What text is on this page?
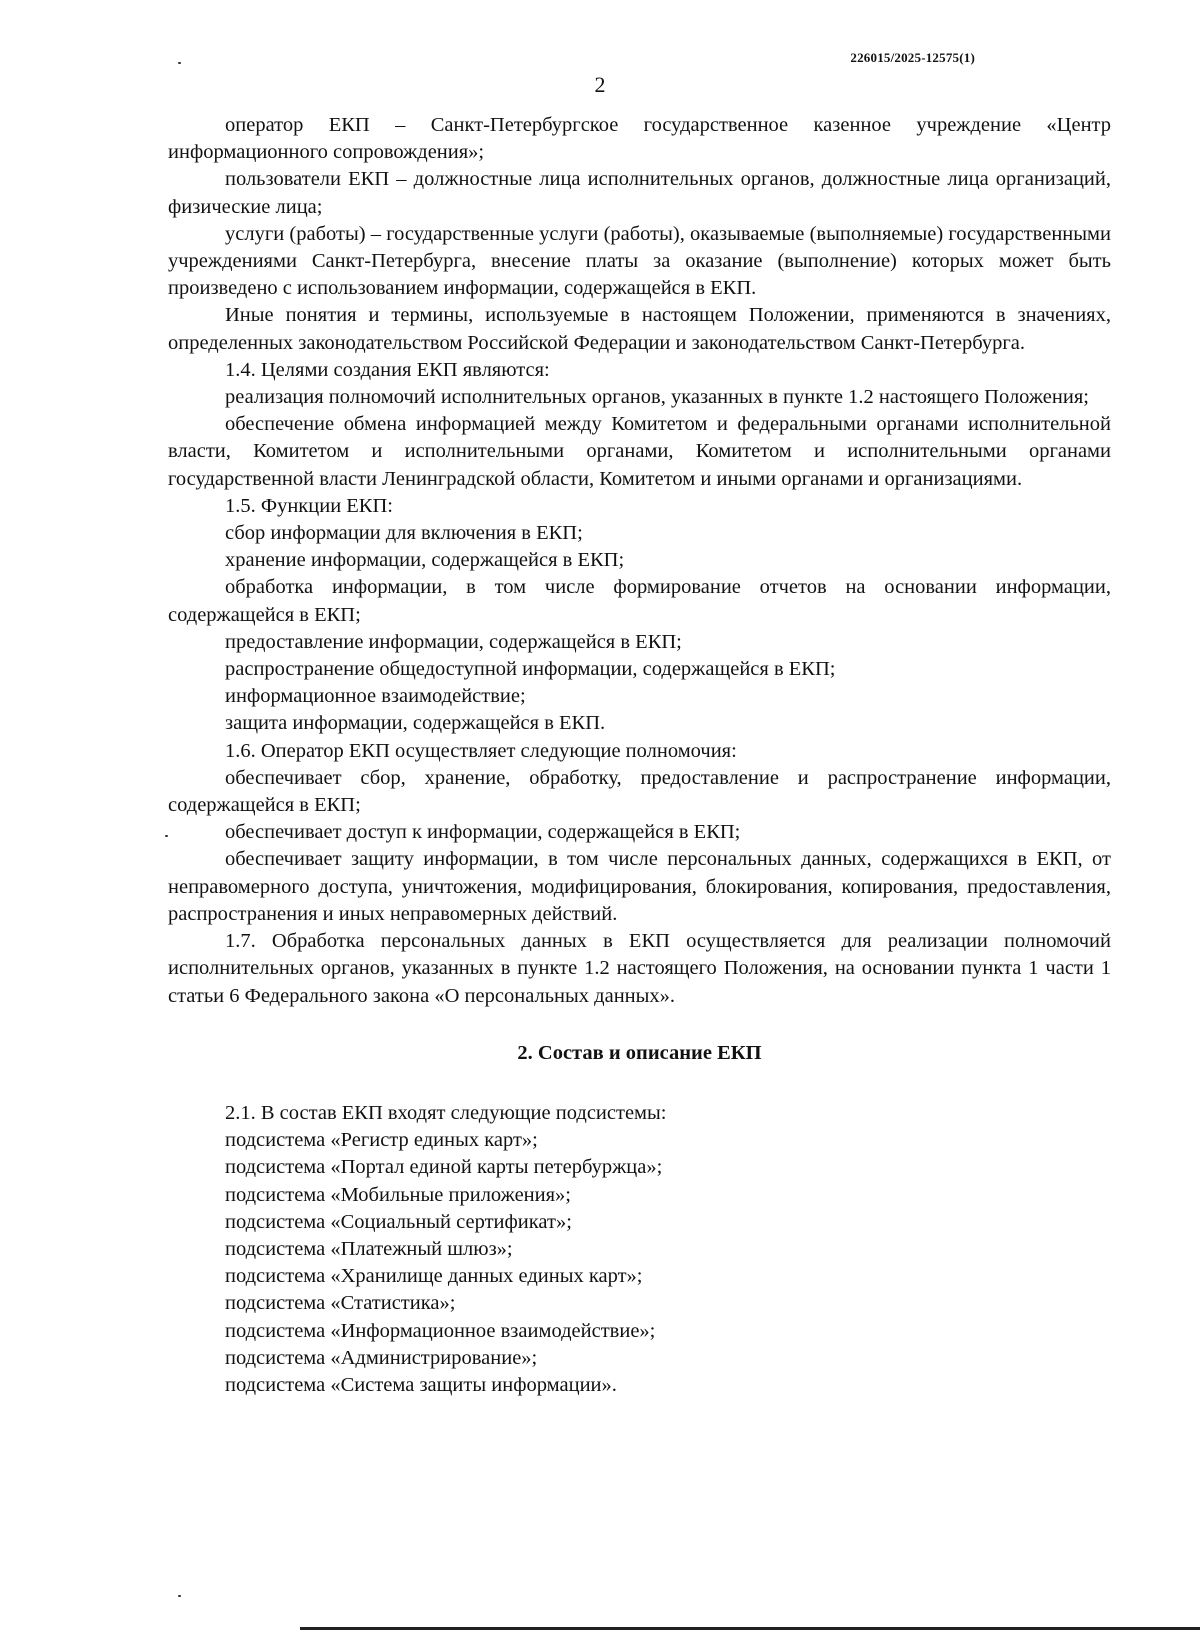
226015/2025-12575(1)
2

оператор ЕКП – Санкт-Петербургское государственное казенное учреждение «Центр информационного сопровождения»;

пользователи ЕКП – должностные лица исполнительных органов, должностные лица организаций, физические лица;

услуги (работы) – государственные услуги (работы), оказываемые (выполняемые) государственными учреждениями Санкт-Петербурга, внесение платы за оказание (выполнение) которых может быть произведено с использованием информации, содержащейся в ЕКП.

Иные понятия и термины, используемые в настоящем Положении, применяются в значениях, определенных законодательством Российской Федерации и законодательством Санкт-Петербурга.

1.4. Целями создания ЕКП являются:

реализация полномочий исполнительных органов, указанных в пункте 1.2 настоящего Положения;

обеспечение обмена информацией между Комитетом и федеральными органами исполнительной власти, Комитетом и исполнительными органами, Комитетом и исполнительными органами государственной власти Ленинградской области, Комитетом и иными органами и организациями.

1.5. Функции ЕКП:

сбор информации для включения в ЕКП;

хранение информации, содержащейся в ЕКП;

обработка информации, в том числе формирование отчетов на основании информации, содержащейся в ЕКП;

предоставление информации, содержащейся в ЕКП;

распространение общедоступной информации, содержащейся в ЕКП;

информационное взаимодействие;

защита информации, содержащейся в ЕКП.

1.6. Оператор ЕКП осуществляет следующие полномочия:

обеспечивает сбор, хранение, обработку, предоставление и распространение информации, содержащейся в ЕКП;

обеспечивает доступ к информации, содержащейся в ЕКП;

обеспечивает защиту информации, в том числе персональных данных, содержащихся в ЕКП, от неправомерного доступа, уничтожения, модифицирования, блокирования, копирования, предоставления, распространения и иных неправомерных действий.

1.7. Обработка персональных данных в ЕКП осуществляется для реализации полномочий исполнительных органов, указанных в пункте 1.2 настоящего Положения, на основании пункта 1 части 1 статьи 6 Федерального закона «О персональных данных».

2. Состав и описание ЕКП

2.1. В состав ЕКП входят следующие подсистемы:

подсистема «Регистр единых карт»;

подсистема «Портал единой карты петербуржца»;

подсистема «Мобильные приложения»;

подсистема «Социальный сертификат»;

подсистема «Платежный шлюз»;

подсистема «Хранилище данных единых карт»;

подсистема «Статистика»;

подсистема «Информационное взаимодействие»;

подсистема «Администрирование»;

подсистема «Система защиты информации».
